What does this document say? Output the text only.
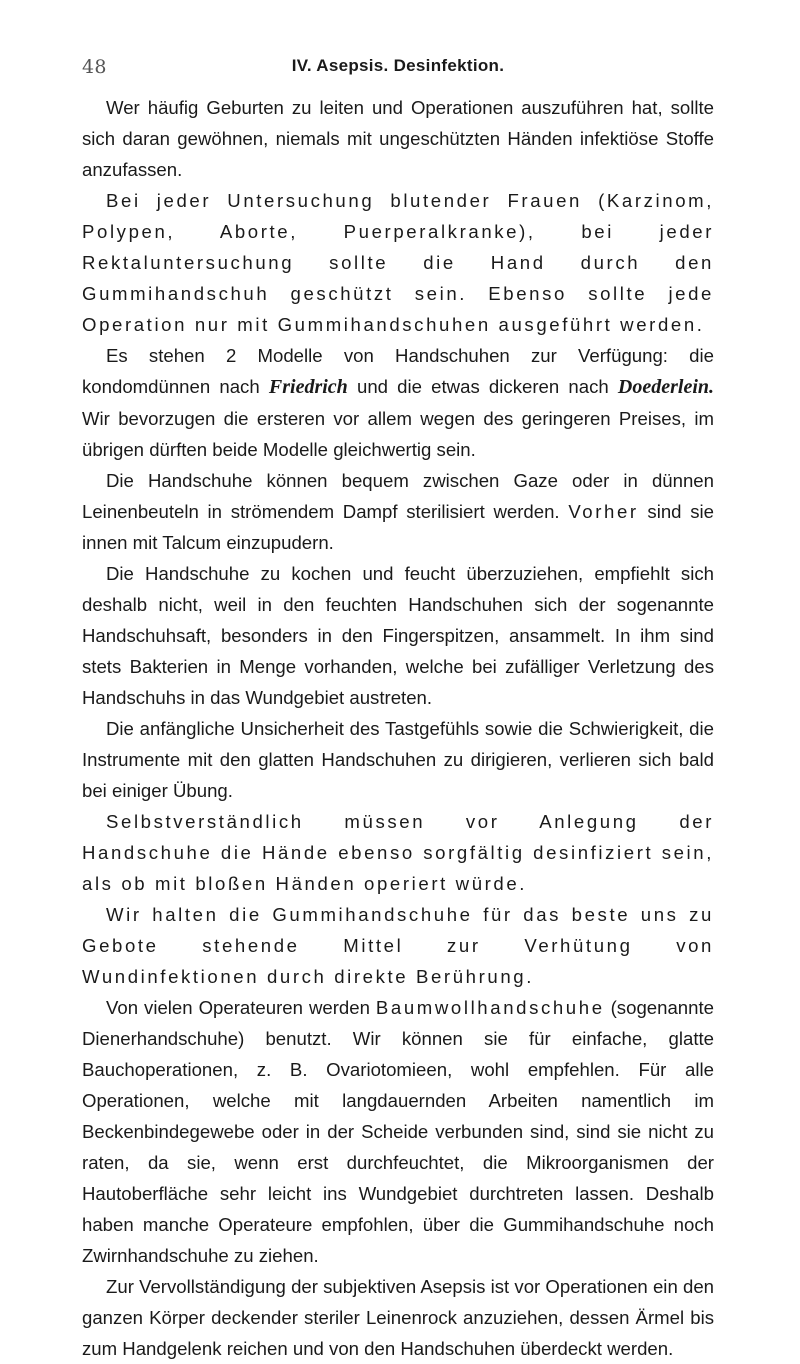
48	IV. Asepsis. Desinfektion.

Wer häufig Geburten zu leiten und Operationen auszuführen hat, sollte sich daran gewöhnen, niemals mit ungeschützten Händen infektiöse Stoffe anzufassen.

Bei jeder Untersuchung blutender Frauen (Karzinom, Polypen, Aborte, Puerperalkranke), bei jeder Rektaluntersuchung sollte die Hand durch den Gummihandschuh geschützt sein. Ebenso sollte jede Operation nur mit Gummihandschuhen ausgeführt werden.

Es stehen 2 Modelle von Handschuhen zur Verfügung: die kondomdünnen nach Friedrich und die etwas dickeren nach Doederlein. Wir bevorzugen die ersteren vor allem wegen des geringeren Preises, im übrigen dürften beide Modelle gleichwertig sein.

Die Handschuhe können bequem zwischen Gaze oder in dünnen Leinenbeuteln in strömendem Dampf sterilisiert werden. Vorher sind sie innen mit Talcum einzupudern.

Die Handschuhe zu kochen und feucht überzuziehen, empfiehlt sich deshalb nicht, weil in den feuchten Handschuhen sich der sogenannte Handschuhsaft, besonders in den Fingerspitzen, ansammelt. In ihm sind stets Bakterien in Menge vorhanden, welche bei zufälliger Verletzung des Handschuhs in das Wundgebiet austreten.

Die anfängliche Unsicherheit des Tastgefühls sowie die Schwierigkeit, die Instrumente mit den glatten Handschuhen zu dirigieren, verlieren sich bald bei einiger Übung.

Selbstverständlich müssen vor Anlegung der Handschuhe die Hände ebenso sorgfältig desinfiziert sein, als ob mit bloßen Händen operiert würde.

Wir halten die Gummihandschuhe für das beste uns zu Gebote stehende Mittel zur Verhütung von Wundinfektionen durch direkte Berührung.

Von vielen Operateuren werden Baumwollhandschuhe (sogenannte Dienerhandschuhe) benutzt. Wir können sie für einfache, glatte Bauchoperationen, z. B. Ovariotomieen, wohl empfehlen. Für alle Operationen, welche mit langdauernden Arbeiten namentlich im Beckenbindegewebe oder in der Scheide verbunden sind, sind sie nicht zu raten, da sie, wenn erst durchfeuchtet, die Mikroorganismen der Hautoberfläche sehr leicht ins Wundgebiet durchtreten lassen. Deshalb haben manche Operateure empfohlen, über die Gummihandschuhe noch Zwirnhandschuhe zu ziehen.

Zur Vervollständigung der subjektiven Asepsis ist vor Operationen ein den ganzen Körper deckender steriler Leinenrock anzuziehen, dessen Ärmel bis zum Handgelenk reichen und von den Handschuhen überdeckt werden.
